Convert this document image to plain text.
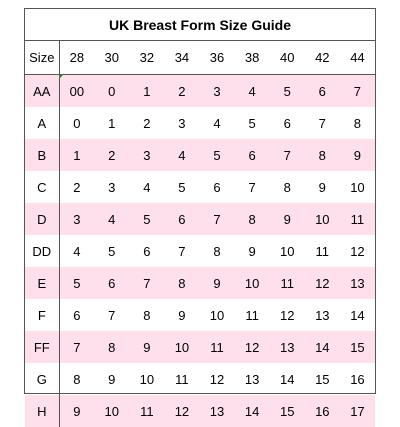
UK Breast Form Size Guide
Size	28	30	32	34	36	38	40	42	44
AA	00	0	1	2	3	4	5	6	7
A	0	1	2	3	4	5	6	7	8
B	1	2	3	4	5	6	7	8	9
C	2	3	4	5	6	7	8	9	10
D	3	4	5	6	7	8	9	10	11
DD	4	5	6	7	8	9	10	11	12
E	5	6	7	8	9	10	11	12	13
F	6	7	8	9	10	11	12	13	14
FF	7	8	9	10	11	12	13	14	15
G	8	9	10	11	12	13	14	15	16
H	9	10	11	12	13	14	15	16	17
